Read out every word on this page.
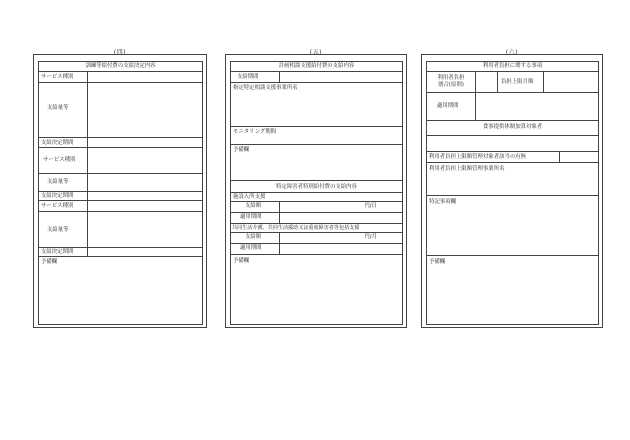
(四)
訓練等給付費の支給決定内容
サービス種別
支給量等
支給決定期間
サービス種別
支給量等
支給決定期間
サービス種別
支給量等
支給決定期間
予備欄
(五)
計画相談支援給付費の支給内容
支給期間
指定特定相談支援事業所名
モニタリング期間
予備欄
特定障害者特別給付費の支給内容
施設入所支援
支給額	円/日
適用期間
共同生活介護、共同生活援助又は重度障害者等包括支援
支給額	円/月
適用期間
予備欄
(六)
利用者負担に関する事項
利用者負担
割合(原則)	負担上限月額
適用期間
食事提供体制加算対象者
利用者負担上限額管理対象者該当の有無
利用者負担上限額管理事業所名
特記事項欄
予備欄
